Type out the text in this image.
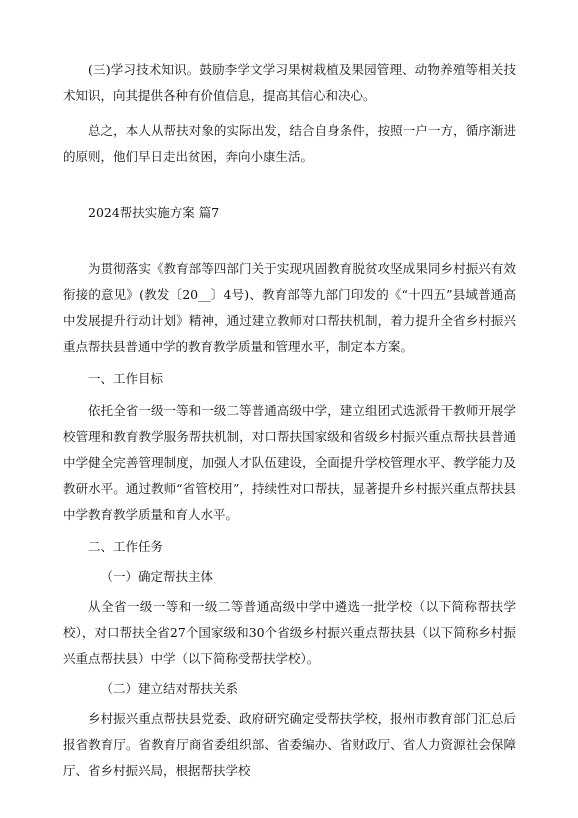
(三)学习技术知识。鼓励李学文学习果树栽植及果园管理、动物养殖等相关技术知识，向其提供各种有价值信息，提高其信心和决心。

总之，本人从帮扶对象的实际出发，结合自身条件，按照一户一方，循序渐进的原则，他们早日走出贫困，奔向小康生活。

2024帮扶实施方案 篇7

为贯彻落实《教育部等四部门关于实现巩固教育脱贫攻坚成果同乡村振兴有效衔接的意见》(教发〔20__〕4号)、教育部等九部门印发的《“十四五”县域普通高中发展提升行动计划》精神，通过建立教师对口帮扶机制，着力提升全省乡村振兴重点帮扶县普通中学的教育教学质量和管理水平，制定本方案。

一、工作目标

依托全省一级一等和一级二等普通高级中学，建立组团式选派骨干教师开展学校管理和教育教学服务帮扶机制，对口帮扶国家级和省级乡村振兴重点帮扶县普通中学健全完善管理制度，加强人才队伍建设，全面提升学校管理水平、教学能力及教研水平。通过教师“省管校用”，持续性对口帮扶，显著提升乡村振兴重点帮扶县中学教育教学质量和育人水平。

二、工作任务

（一）确定帮扶主体

从全省一级一等和一级二等普通高级中学中遴选一批学校（以下简称帮扶学校），对口帮扶全省27个国家级和30个省级乡村振兴重点帮扶县（以下简称乡村振兴重点帮扶县）中学（以下简称受帮扶学校）。

（二）建立结对帮扶关系

乡村振兴重点帮扶县党委、政府研究确定受帮扶学校，报州市教育部门汇总后报省教育厅。省教育厅商省委组织部、省委编办、省财政厅、省人力资源社会保障厅、省乡村振兴局，根据帮扶学校
